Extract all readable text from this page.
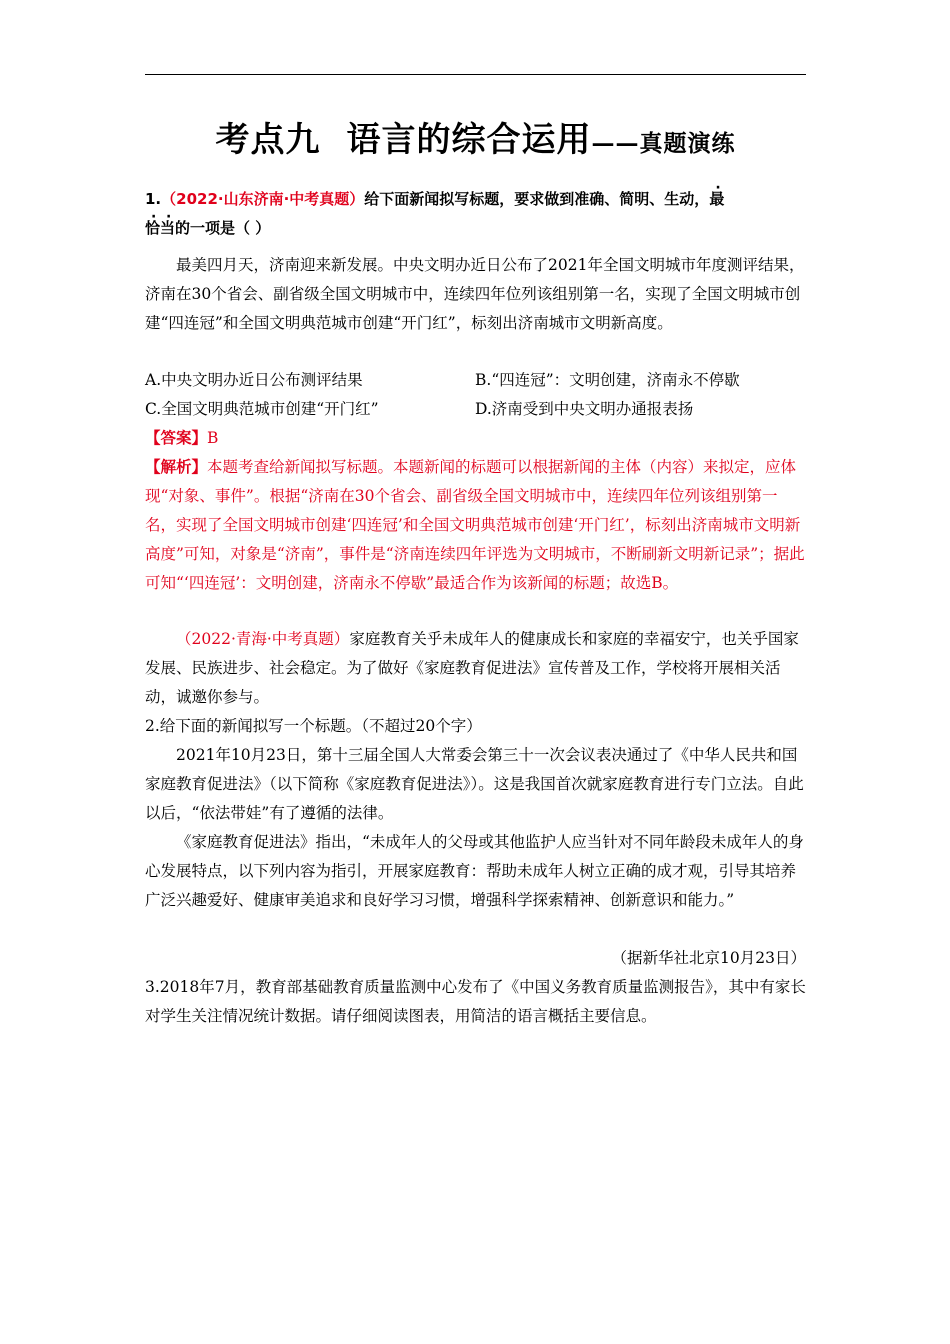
考点九 语言的综合运用——真题演练
1.（2022·山东济南·中考真题）给下面新闻拟写标题，要求做到准确、简明、生动，最
恰当的一项是（ ）
最美四月天，济南迎来新发展。中央文明办近日公布了2021年全国文明城市年度测评结果，济南在30个省会、副省级全国文明城市中，连续四年位列该组别第一名，实现了全国文明城市创建“四连冠”和全国文明典范城市创建“开门红”，标刻出济南城市文明新高度。
A.中央文明办近日公布测评结果	B.“四连冠”：文明创建，济南永不停歇
C.全国文明典范城市创建“开门红”	D.济南受到中央文明办通报表扬
【答案】B
【解析】本题考查给新闻拟写标题。本题新闻的标题可以根据新闻的主体（内容）来拟定，应体现“对象、事件”。根据“济南在30个省会、副省级全国文明城市中，连续四年位列该组别第一名，实现了全国文明城市创建‘四连冠’和全国文明典范城市创建‘开门红’，标刻出济南城市文明新高度”可知，对象是“济南”，事件是“济南连续四年评选为文明城市，不断刷新文明新记录”；据此可知“‘四连冠’：文明创建，济南永不停歇”最适合作为该新闻的标题；故选B。
（2022·青海·中考真题）家庭教育关乎未成年人的健康成长和家庭的幸福安宁，也关乎国家发展、民族进步、社会稳定。为了做好《家庭教育促进法》宣传普及工作，学校将开展相关活动，诚邀你参与。
2.给下面的新闻拟写一个标题。（不超过20个字）
2021年10月23日，第十三届全国人大常委会第三十一次会议表决通过了《中华人民共和国家庭教育促进法》（以下简称《家庭教育促进法》）。这是我国首次就家庭教育进行专门立法。自此以后，“依法带娃”有了遵循的法律。
《家庭教育促进法》指出，“未成年人的父母或其他监护人应当针对不同年龄段未成年人的身心发展特点，以下列内容为指引，开展家庭教育：帮助未成年人树立正确的成才观，引导其培养广泛兴趣爱好、健康审美追求和良好学习习惯，增强科学探索精神、创新意识和能力。”
（据新华社北京10月23日）
3.2018年7月，教育部基础教育质量监测中心发布了《中国义务教育质量监测报告》，其中有家长对学生关注情况统计数据。请仔细阅读图表，用简洁的语言概括主要信息。
